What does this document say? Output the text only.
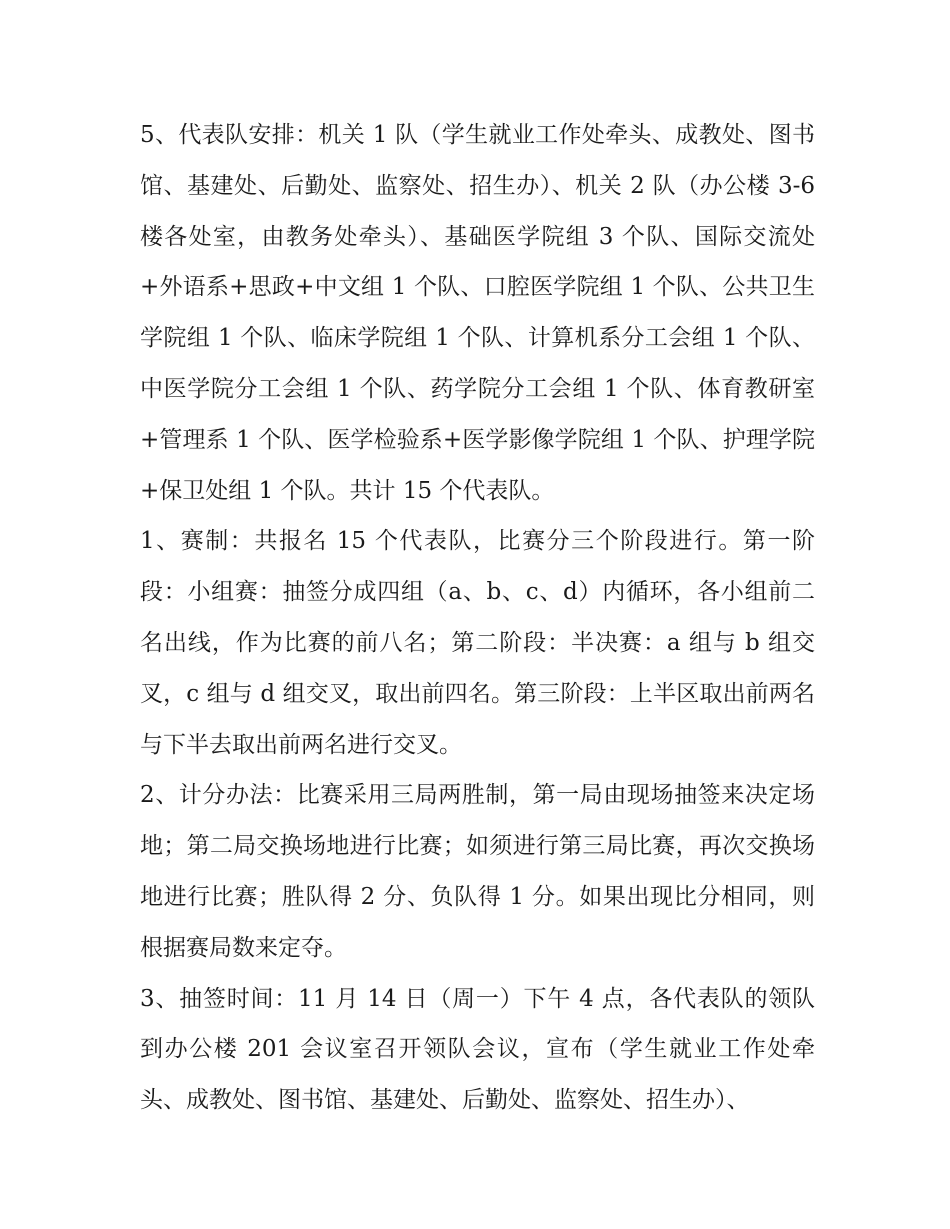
5、代表队安排：机关 1 队（学生就业工作处牵头、成教处、图书馆、基建处、后勤处、监察处、招生办）、机关 2 队（办公楼 3-6 楼各处室，由教务处牵头）、基础医学院组 3 个队、国际交流处+外语系+思政+中文组 1 个队、口腔医学院组 1 个队、公共卫生学院组 1 个队、临床学院组 1 个队、计算机系分工会组 1 个队、中医学院分工会组 1 个队、药学院分工会组 1 个队、体育教研室+管理系 1 个队、医学检验系+医学影像学院组 1 个队、护理学院+保卫处组 1 个队。共计 15 个代表队。

1、赛制：共报名 15 个代表队，比赛分三个阶段进行。第一阶段：小组赛：抽签分成四组（a、b、c、d）内循环，各小组前二名出线，作为比赛的前八名；第二阶段：半决赛：a 组与 b 组交叉，c 组与 d 组交叉，取出前四名。第三阶段：上半区取出前两名与下半去取出前两名进行交叉。

2、计分办法：比赛采用三局两胜制，第一局由现场抽签来决定场地；第二局交换场地进行比赛；如须进行第三局比赛，再次交换场地进行比赛；胜队得 2 分、负队得 1 分。如果出现比分相同，则根据赛局数来定夺。

3、抽签时间：11 月 14 日（周一）下午 4 点，各代表队的领队到办公楼 201 会议室召开领队会议，宣布（学生就业工作处牵头、成教处、图书馆、基建处、后勤处、监察处、招生办）、
